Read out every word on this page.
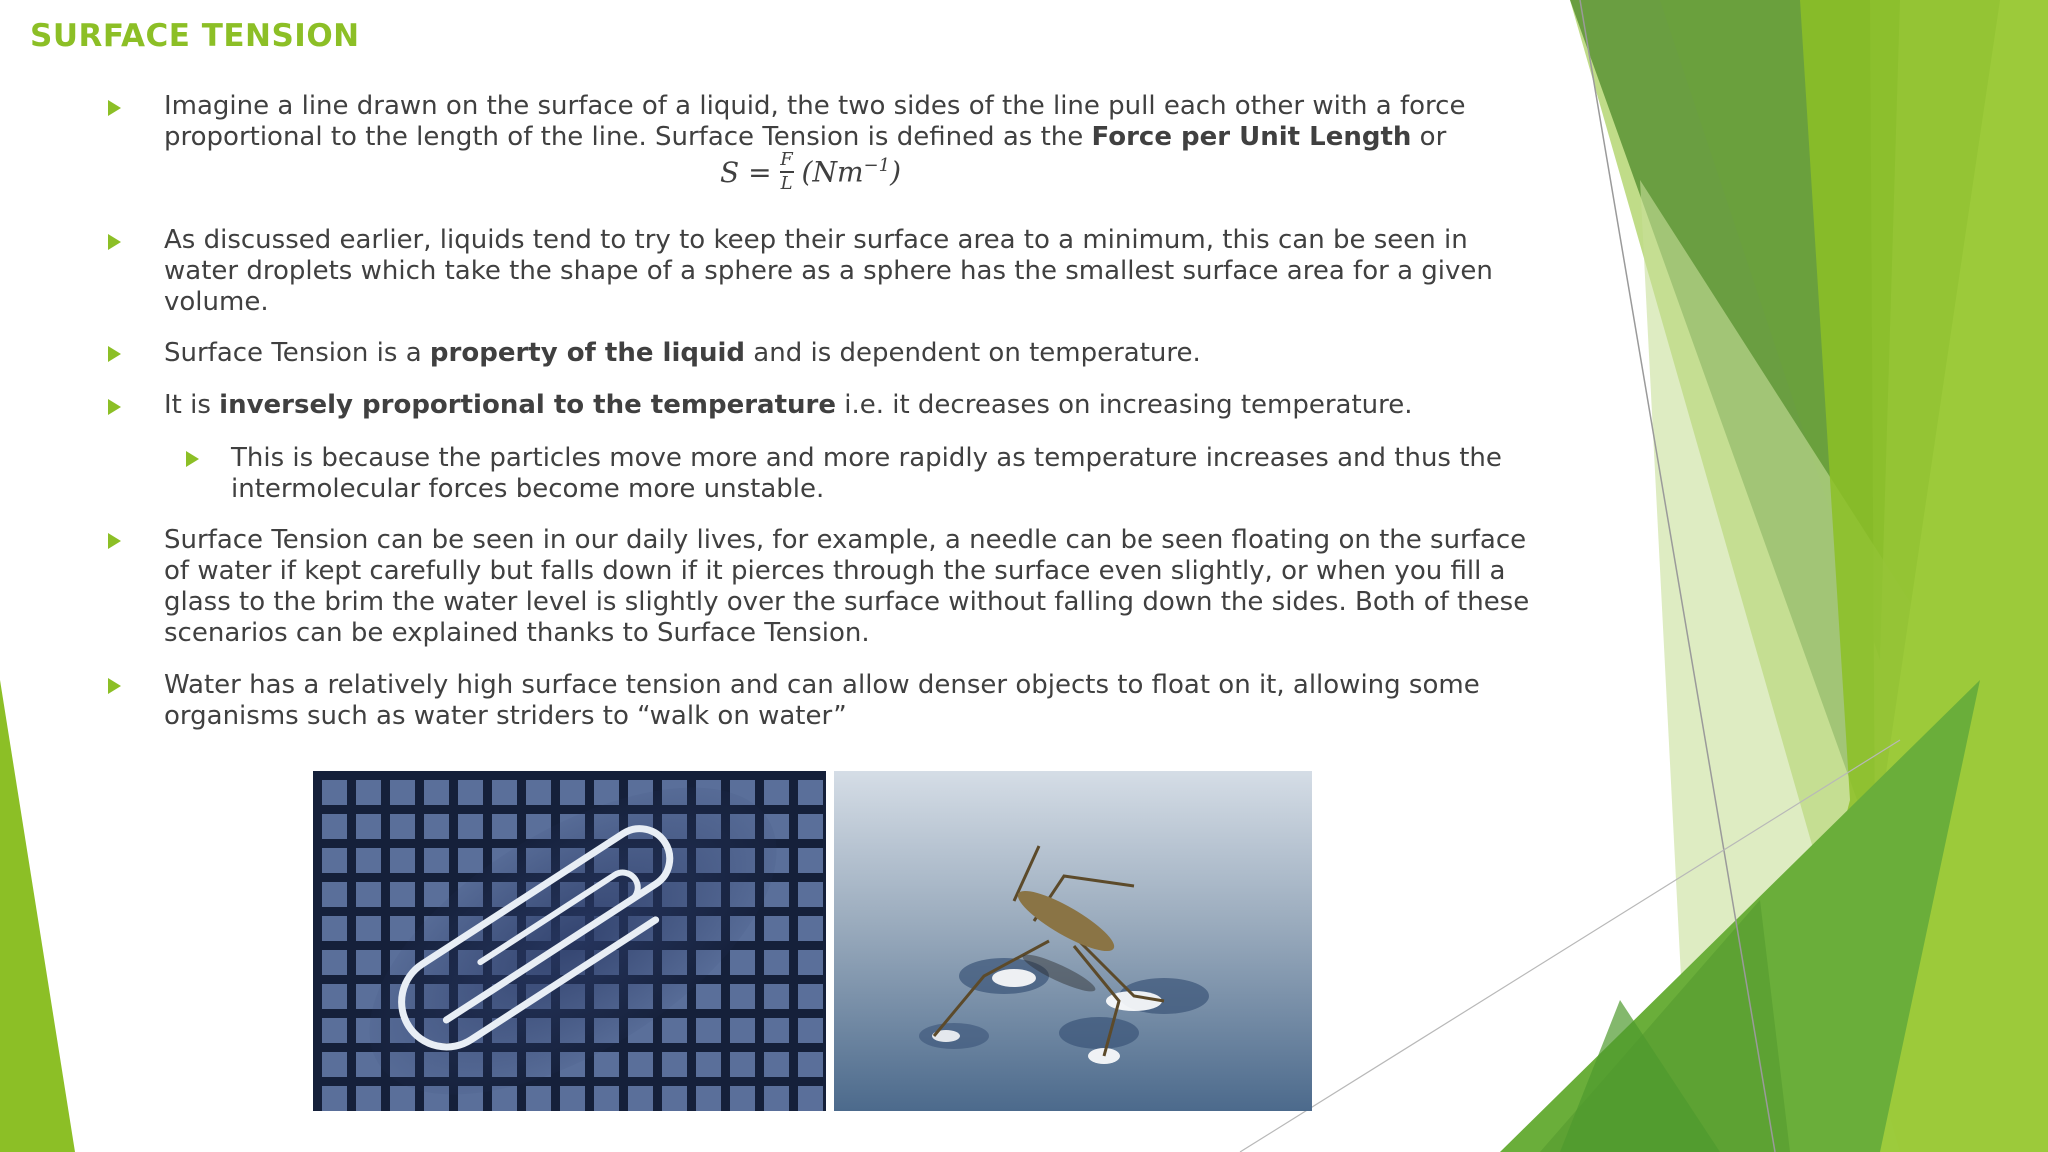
SURFACE TENSION
Imagine a line drawn on the surface of a liquid, the two sides of the line pull each other with a force
proportional to the length of the line. Surface Tension is defined as the Force per Unit Length or
$S = \frac{F}{L} (Nm^{-1})$
As discussed earlier, liquids tend to try to keep their surface area to a minimum, this can be seen in
water droplets which take the shape of a sphere as a sphere has the smallest surface area for a given
volume.
Surface Tension is a property of the liquid and is dependent on temperature.
It is inversely proportional to the temperature i.e. it decreases on increasing temperature.
This is because the particles move more and more rapidly as temperature increases and thus the
intermolecular forces become more unstable.
Surface Tension can be seen in our daily lives, for example, a needle can be seen floating on the surface
of water if kept carefully but falls down if it pierces through the surface even slightly, or when you fill a
glass to the brim the water level is slightly over the surface without falling down the sides. Both of these
scenarios can be explained thanks to Surface Tension.
Water has a relatively high surface tension and can allow denser objects to float on it, allowing some
organisms such as water striders to “walk on water”
